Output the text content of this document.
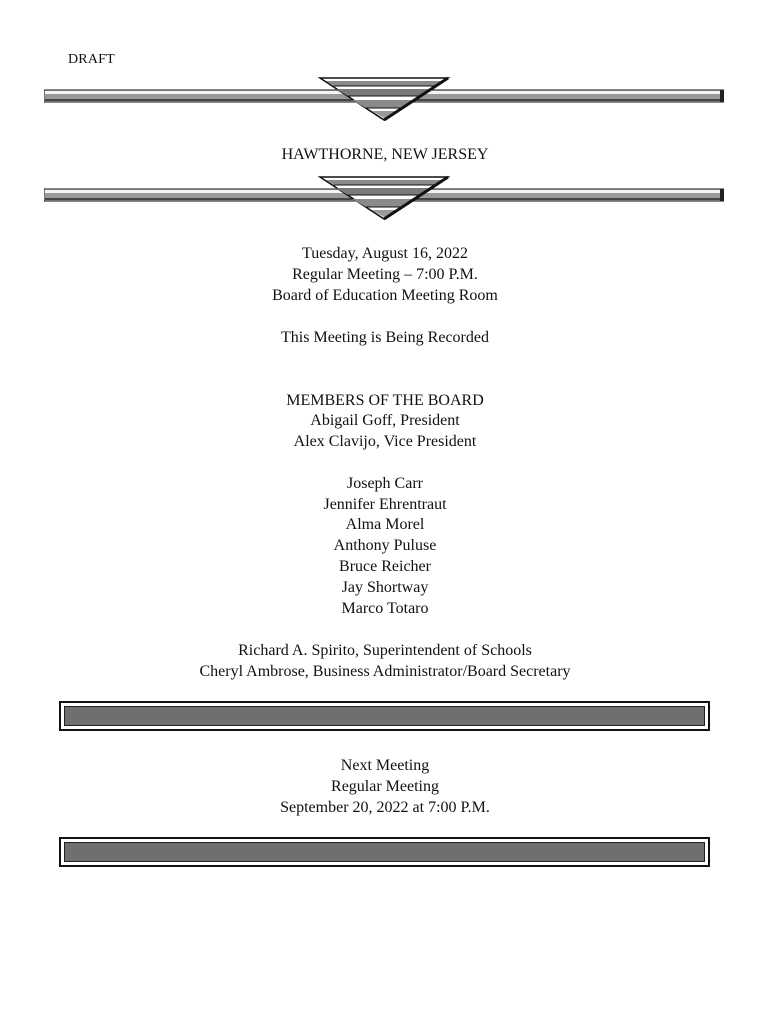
DRAFT
HAWTHORNE, NEW JERSEY
Tuesday, August 16, 2022
Regular Meeting – 7:00 P.M.
Board of Education Meeting Room
This Meeting is Being Recorded
MEMBERS OF THE BOARD
Abigail Goff, President
Alex Clavijo, Vice President
Joseph Carr
Jennifer Ehrentraut
Alma Morel
Anthony Puluse
Bruce Reicher
Jay Shortway
Marco Totaro
Richard A. Spirito, Superintendent of Schools
Cheryl Ambrose, Business Administrator/Board Secretary
Next Meeting
Regular Meeting
September 20, 2022 at 7:00 P.M.
